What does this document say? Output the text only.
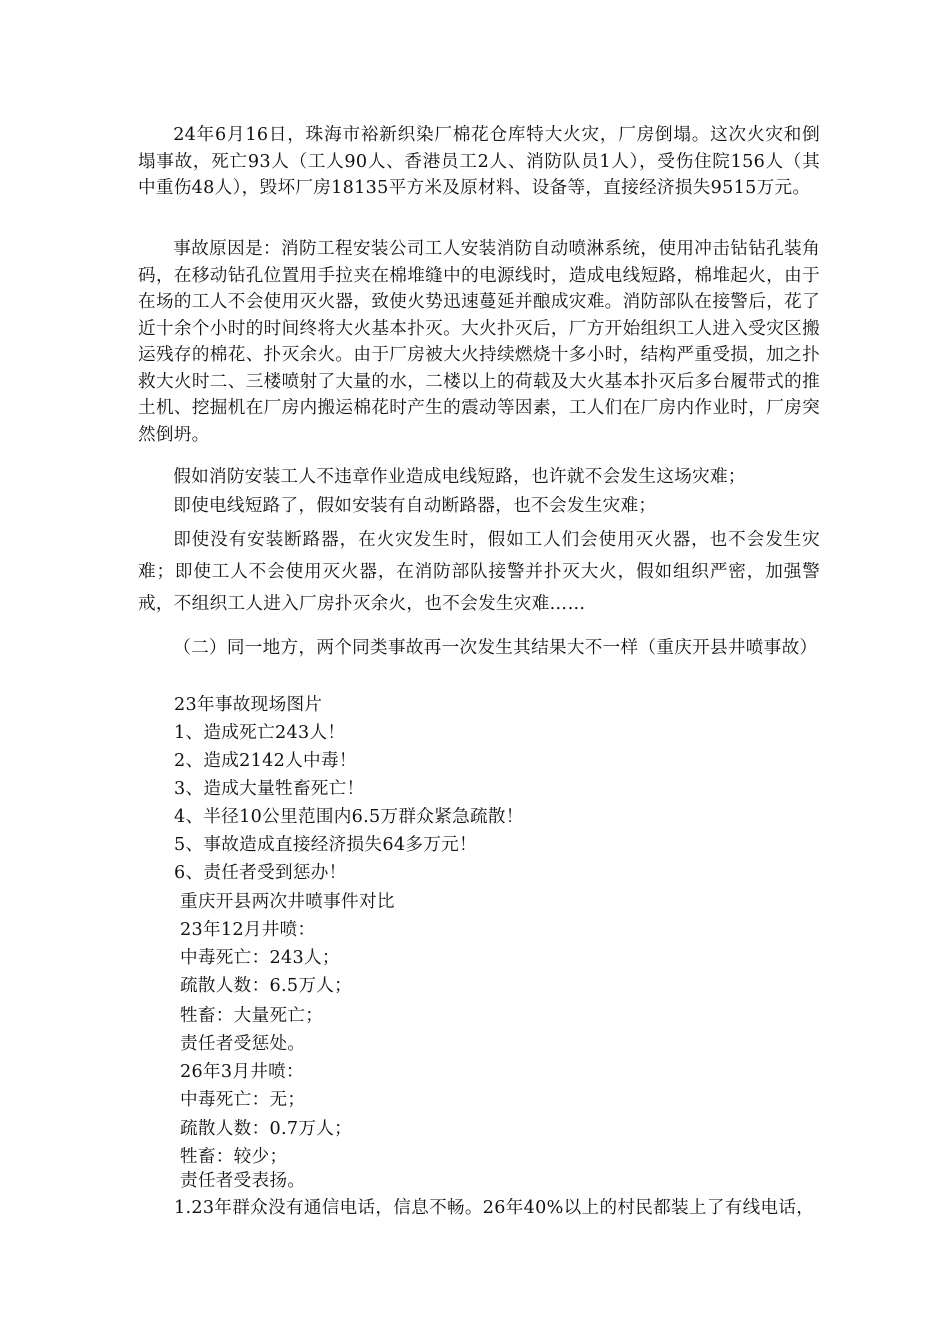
24年6月16日，珠海市裕新织染厂棉花仓库特大火灾，厂房倒塌。这次火灾和倒塌事故，死亡93人（工人90人、香港员工2人、消防队员1人），受伤住院156人（其中重伤48人），毁坏厂房18135平方米及原材料、设备等，直接经济损失9515万元。

事故原因是：消防工程安装公司工人安装消防自动喷淋系统，使用冲击钻钻孔装角码，在移动钻孔位置用手拉夹在棉堆缝中的电源线时，造成电线短路，棉堆起火，由于在场的工人不会使用灭火器，致使火势迅速蔓延并酿成灾难。消防部队在接警后，花了近十余个小时的时间终将大火基本扑灭。大火扑灭后，厂方开始组织工人进入受灾区搬运残存的棉花、扑灭余火。由于厂房被大火持续燃烧十多小时，结构严重受损，加之扑救大火时二、三楼喷射了大量的水，二楼以上的荷载及大火基本扑灭后多台履带式的推土机、挖掘机在厂房内搬运棉花时产生的震动等因素，工人们在厂房内作业时，厂房突然倒坍。

假如消防安装工人不违章作业造成电线短路，也许就不会发生这场灾难；

即使电线短路了，假如安装有自动断路器，也不会发生灾难；

即使没有安装断路器，在火灾发生时，假如工人们会使用灭火器，也不会发生灾难；即使工人不会使用灭火器，在消防部队接警并扑灭大火，假如组织严密，加强警戒，不组织工人进入厂房扑灭余火，也不会发生灾难……

（二）同一地方，两个同类事故再一次发生其结果大不一样（重庆开县井喷事故）

23年事故现场图片

1、造成死亡243人！

2、造成2142人中毒！

3、造成大量牲畜死亡！

4、半径10公里范围内6.5万群众紧急疏散！

5、事故造成直接经济损失64多万元！

6、责任者受到惩办！

重庆开县两次井喷事件对比

23年12月井喷：

中毒死亡：243人；

疏散人数：6.5万人；

牲畜：大量死亡；

责任者受惩处。

26年3月井喷：

中毒死亡：无；

疏散人数：0.7万人；

牲畜：较少；

责任者受表扬。

1.23年群众没有通信电话，信息不畅。26年40%以上的村民都装上了有线电话，
